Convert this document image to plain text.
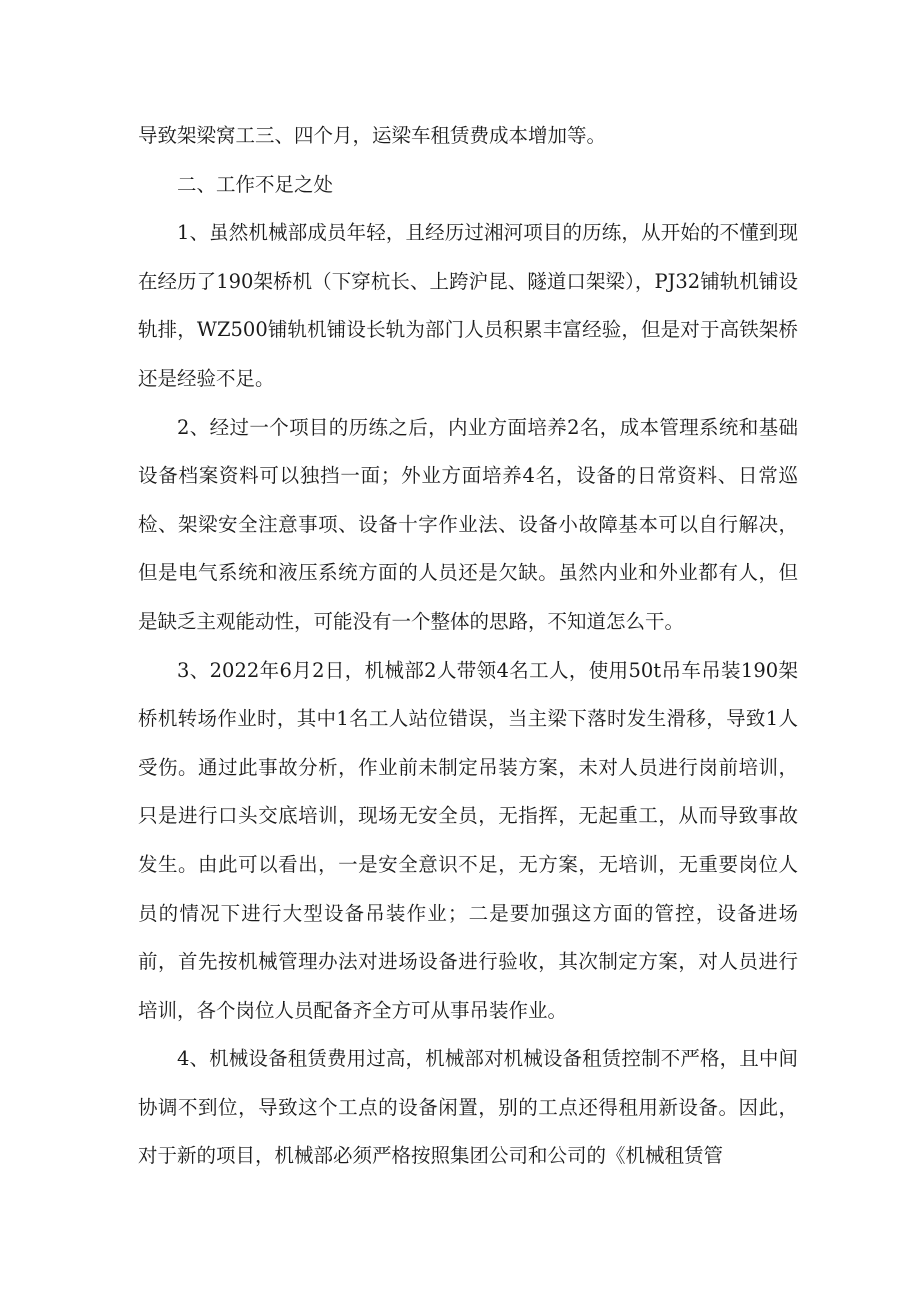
导致架梁窝工三、四个月，运梁车租赁费成本增加等。

二、工作不足之处

1、虽然机械部成员年轻，且经历过湘河项目的历练，从开始的不懂到现在经历了190架桥机（下穿杭长、上跨沪昆、隧道口架梁），PJ32铺轨机铺设轨排，WZ500铺轨机铺设长轨为部门人员积累丰富经验，但是对于高铁架桥还是经验不足。

2、经过一个项目的历练之后，内业方面培养2名，成本管理系统和基础设备档案资料可以独挡一面；外业方面培养4名，设备的日常资料、日常巡检、架梁安全注意事项、设备十字作业法、设备小故障基本可以自行解决，但是电气系统和液压系统方面的人员还是欠缺。虽然内业和外业都有人，但是缺乏主观能动性，可能没有一个整体的思路，不知道怎么干。

3、2022年6月2日，机械部2人带领4名工人，使用50t吊车吊装190架桥机转场作业时，其中1名工人站位错误，当主梁下落时发生滑移，导致1人受伤。通过此事故分析，作业前未制定吊装方案，未对人员进行岗前培训，只是进行口头交底培训，现场无安全员，无指挥，无起重工，从而导致事故发生。由此可以看出，一是安全意识不足，无方案，无培训，无重要岗位人员的情况下进行大型设备吊装作业；二是要加强这方面的管控，设备进场前，首先按机械管理办法对进场设备进行验收，其次制定方案，对人员进行培训，各个岗位人员配备齐全方可从事吊装作业。

4、机械设备租赁费用过高，机械部对机械设备租赁控制不严格，且中间协调不到位，导致这个工点的设备闲置，别的工点还得租用新设备。因此，对于新的项目，机械部必须严格按照集团公司和公司的《机械租赁管
